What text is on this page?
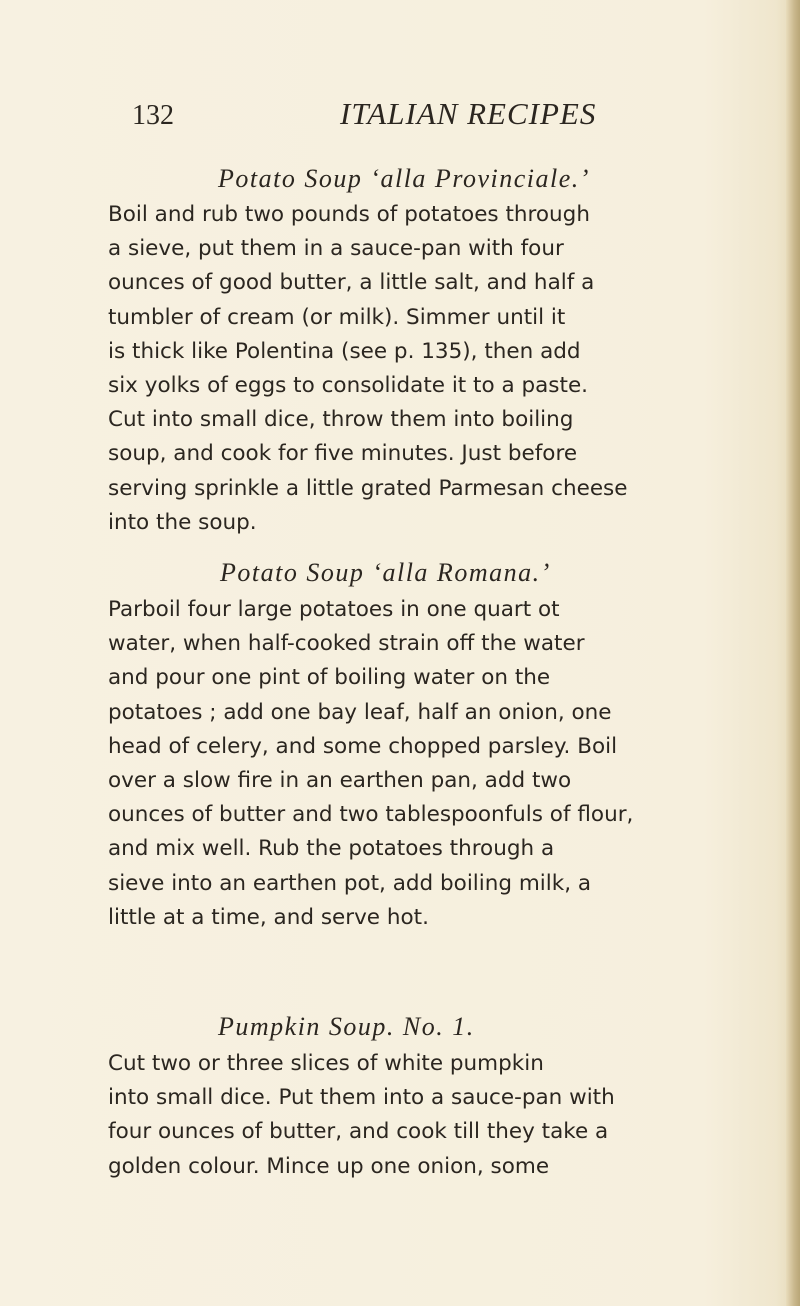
132	ITALIAN RECIPES
Potato Soup ‘alla Provinciale.’
Boil and rub two pounds of potatoes through
a sieve, put them in a sauce-pan with four
ounces of good butter, a little salt, and half a
tumbler of cream (or milk). Simmer until it
is thick like Polentina (see p. 135), then add
six yolks of eggs to consolidate it to a paste.
Cut into small dice, throw them into boiling
soup, and cook for five minutes. Just before
serving sprinkle a little grated Parmesan cheese
into the soup.
Potato Soup ‘alla Romana.’
Parboil four large potatoes in one quart ot
water, when half-cooked strain off the water
and pour one pint of boiling water on the
potatoes ; add one bay leaf, half an onion, one
head of celery, and some chopped parsley. Boil
over a slow fire in an earthen pan, add two
ounces of butter and two tablespoonfuls of flour,
and mix well. Rub the potatoes through a
sieve into an earthen pot, add boiling milk, a
little at a time, and serve hot.
Pumpkin Soup. No. 1.
Cut two or three slices of white pumpkin
into small dice. Put them into a sauce-pan with
four ounces of butter, and cook till they take a
golden colour. Mince up one onion, some
